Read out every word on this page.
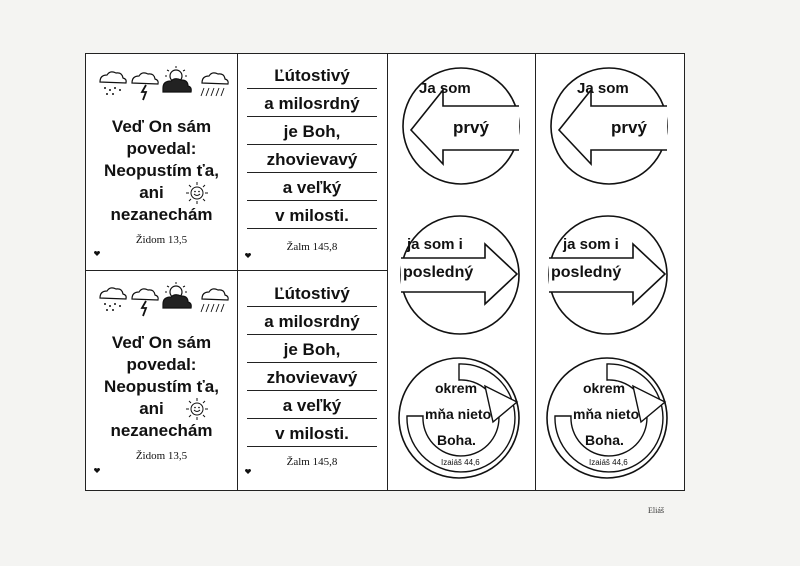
Veď On sám
povedal:
Neopustím ťa,
ani
nezanechám
Židom 13,5
Ľútostivý
a milosrdný
je Boh,
zhovievavý
a veľký
v milosti.
Žalm 145,8
Veď On sám
povedal:
Neopustím ťa,
ani
nezanechám
Židom 13,5
Ľútostivý
a milosrdný
je Boh,
zhovievavý
a veľký
v milosti.
Žalm 145,8
Ja som
prvý
ja som i
posledný
okrem
mňa nieto
Boha.
Izaiáš 44,6
Ja som
prvý
ja som i
posledný
okrem
mňa nieto
Boha.
Izaiáš 44,6
Eliáš
